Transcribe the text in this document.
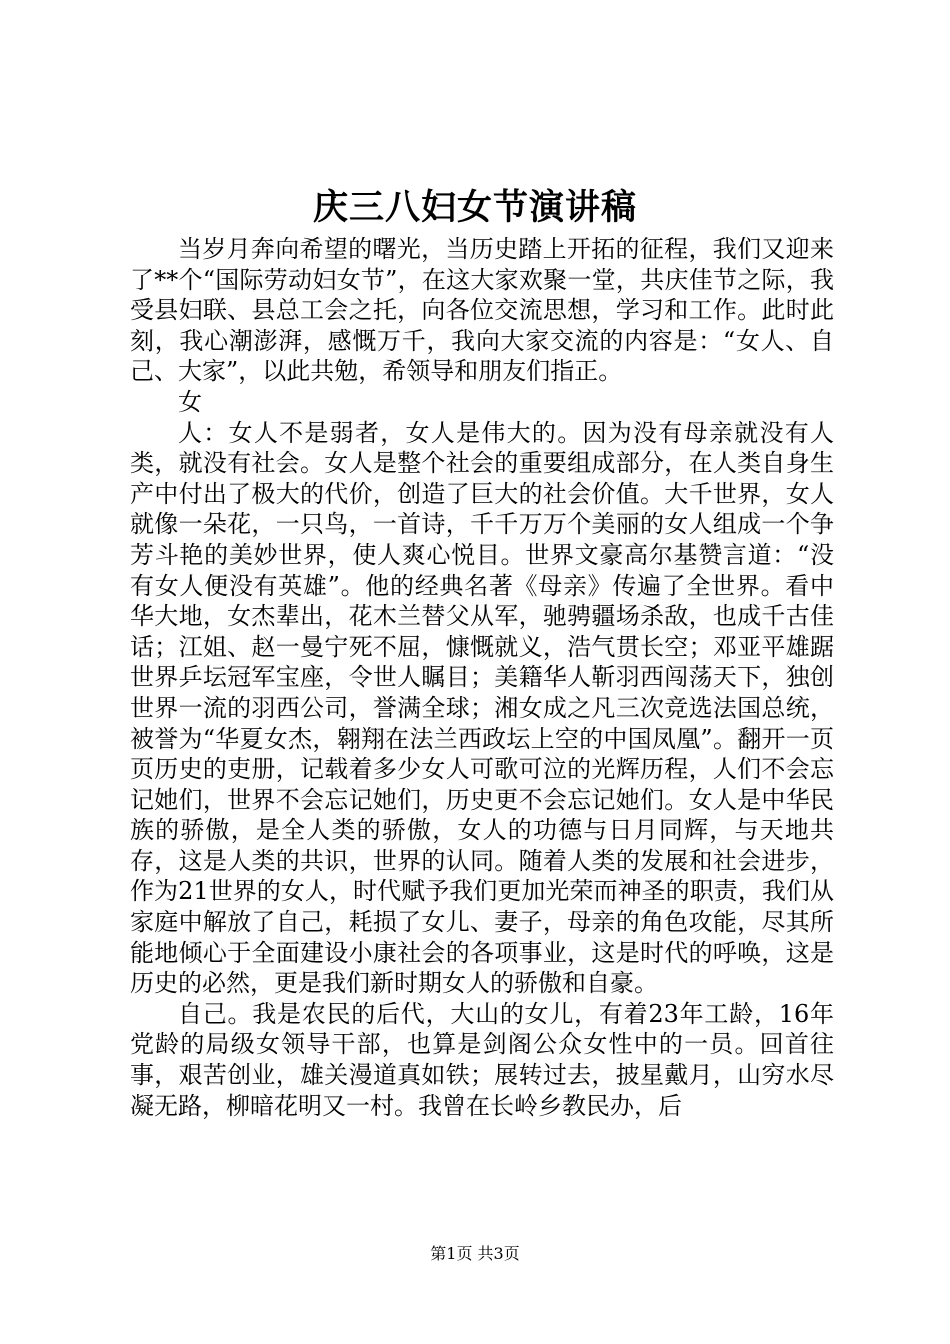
庆三八妇女节演讲稿

当岁月奔向希望的曙光，当历史踏上开拓的征程，我们又迎来了**个“国际劳动妇女节”，在这大家欢聚一堂，共庆佳节之际，我受县妇联、县总工会之托，向各位交流思想，学习和工作。此时此刻，我心潮澎湃，感慨万千，我向大家交流的内容是：“女人、自己、大家”，以此共勉，希领导和朋友们指正。

女

人：女人不是弱者，女人是伟大的。因为没有母亲就没有人类，就没有社会。女人是整个社会的重要组成部分，在人类自身生产中付出了极大的代价，创造了巨大的社会价值。大千世界，女人就像一朵花，一只鸟，一首诗，千千万万个美丽的女人组成一个争芳斗艳的美妙世界，使人爽心悦目。世界文豪高尔基赞言道：“没有女人便没有英雄”。他的经典名著《母亲》传遍了全世界。看中华大地，女杰辈出，花木兰替父从军，驰骋疆场杀敌，也成千古佳话；江姐、赵一曼宁死不屈，慷慨就义，浩气贯长空；邓亚平雄踞世界乒坛冠军宝座，令世人瞩目；美籍华人靳羽西闯荡天下，独创世界一流的羽西公司，誉满全球；湘女成之凡三次竞选法国总统，被誉为“华夏女杰，翱翔在法兰西政坛上空的中国凤凰”。翻开一页页历史的吏册，记载着多少女人可歌可泣的光辉历程，人们不会忘记她们，世界不会忘记她们，历史更不会忘记她们。女人是中华民族的骄傲，是全人类的骄傲，女人的功德与日月同辉，与天地共存，这是人类的共识，世界的认同。随着人类的发展和社会进步，作为21世界的女人，时代赋予我们更加光荣而神圣的职责，我们从家庭中解放了自己，耗损了女儿、妻子，母亲的角色攻能，尽其所能地倾心于全面建设小康社会的各项事业，这是时代的呼唤，这是历史的必然，更是我们新时期女人的骄傲和自豪。

自己。我是农民的后代，大山的女儿，有着23年工龄，16年党龄的局级女领导干部，也算是剑阁公众女性中的一员。回首往事，艰苦创业，雄关漫道真如铁；展转过去，披星戴月，山穷水尽凝无路，柳暗花明又一村。我曾在长岭乡教民办，后

第1页 共3页
